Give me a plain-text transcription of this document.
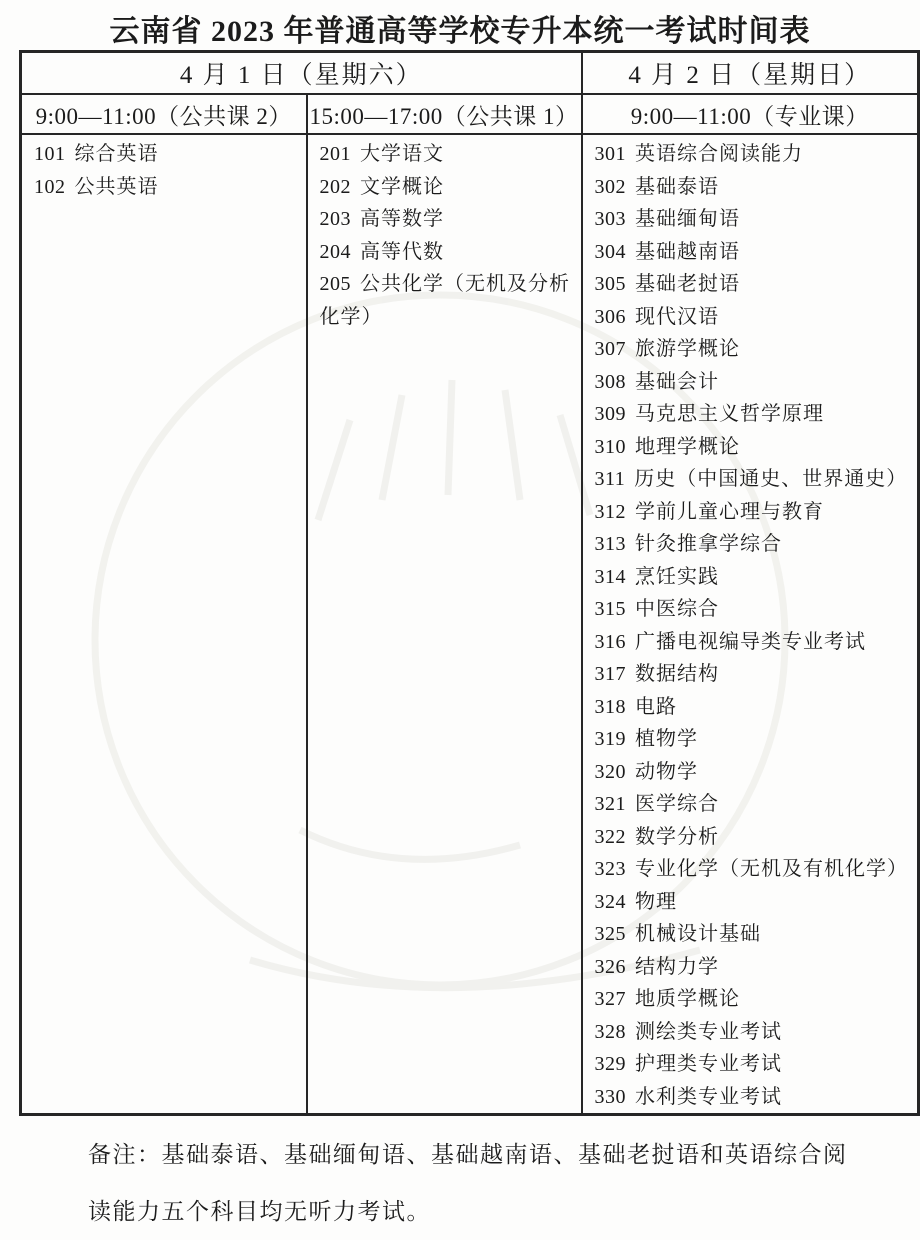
云南省 2023 年普通高等学校专升本统一考试时间表
4 月 1 日（星期六）		4 月 2 日（星期日）
9:00—11:00（公共课 2）	15:00—17:00（公共课 1）	9:00—11:00（专业课）

101 综合英语
102 公共英语

201 大学语文
202 文学概论
203 高等数学
204 高等代数
205 公共化学（无机及分析化学）

301 英语综合阅读能力
302 基础泰语
303 基础缅甸语
304 基础越南语
305 基础老挝语
306 现代汉语
307 旅游学概论
308 基础会计
309 马克思主义哲学原理
310 地理学概论
311 历史（中国通史、世界通史）
312 学前儿童心理与教育
313 针灸推拿学综合
314 烹饪实践
315 中医综合
316 广播电视编导类专业考试
317 数据结构
318 电路
319 植物学
320 动物学
321 医学综合
322 数学分析
323 专业化学（无机及有机化学）
324 物理
325 机械设计基础
326 结构力学
327 地质学概论
328 测绘类专业考试
329 护理类专业考试
330 水利类专业考试

备注：基础泰语、基础缅甸语、基础越南语、基础老挝语和英语综合阅读能力五个科目均无听力考试。
